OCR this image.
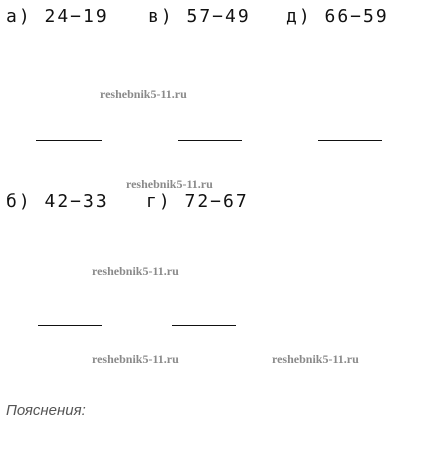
а) 24−19 в) 57−49 д) 66−59
б) 42−33 г) 72−67
reshebnik5-11.ru
reshebnik5-11.ru
reshebnik5-11.ru
reshebnik5-11.ru	reshebnik5-11.ru
Пояснения:
